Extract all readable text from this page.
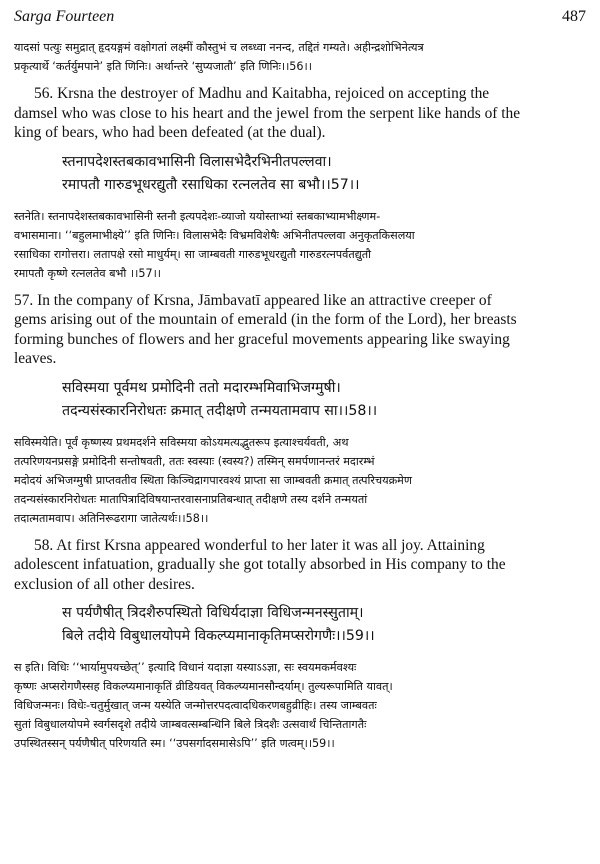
Sarga Fourteen	487

यादसां पत्युः समुद्रात् हृदयङ्गमं वक्षोगतां लक्ष्मीं कौस्तुभं च लब्ध्वा ननन्द, तद्दितं गम्यते। अहीन्द्रशोभिनेत्यत्र

प्रकृत्यार्थे ‘कर्तर्युमपाने’ इति णिनिः। अर्थान्तरे ‘सुप्यजातौ’ इति णिनिः।।56।।

56. Krsna the destroyer of Madhu and Kaitabha, rejoiced on accepting the

damsel who was close to his heart and the jewel from the serpent like hands of the

king of bears, who had been defeated (at the dual).

स्तनापदेशस्तबकावभासिनी विलासभेदैरभिनीतपल्लवा।

रमापतौ गारुडभूधरद्युतौ रसाधिका रत्नलतेव सा बभौ।।57।।

स्तनेति। स्तनापदेशस्तबकावभासिनी स्तनौ इत्यपदेशः-व्याजो ययोस्ताभ्यां स्तबकाभ्यामभीक्ष्णम-

वभासमाना। ‘‘बहुलमाभीक्ष्ये’’ इति णिनिः। विलासभेदैः विभ्रमविशेषैः अभिनीतपल्लवा अनुकृतकिसलया

रसाधिका रागोत्तरा। लतापक्षे रसो माधुर्यम्। सा जाम्बवती गारुडभूधरद्युतौ गारुडरत्नपर्वतद्युतौ

रमापतौ कृष्णे रत्नलतेव बभौ ।।57।।

57. In the company of Krsna, Jāmbavatī appeared like an attractive creeper of

gems arising out of the mountain of emerald (in the form of the Lord), her breasts

forming bunches of flowers and her graceful movements appearing like swaying

leaves.

सविस्मया पूर्वमथ प्रमोदिनी ततो मदारम्भमिवाभिजग्मुषी।

तदन्यसंस्कारनिरोधतः क्रमात् तदीक्षणे तन्मयतामवाप सा।।58।।

सविस्मयेति। पूर्वं कृष्णस्य प्रथमदर्शने सविस्मया कोऽयमत्यद्भुतरूप इत्याश्चर्यवती, अथ

तत्परिणयनप्रसङ्गे प्रमोदिनी सन्तोषवती, ततः स्वस्याः (स्वस्य?) तस्मिन् समर्पणानन्तरं मदारम्भं

मदोदयं अभिजग्मुषी प्राप्तवतीव स्थिता किञ्चिद्रागपारवश्यं प्राप्ता सा जाम्बवती क्रमात् तत्परिचयक्रमेण

तदन्यसंस्कारनिरोधतः मातापित्रादिविषयान्तरवासनाप्रतिबन्धात् तदीक्षणे तस्य दर्शने तन्मयतां

तदात्मतामवाप। अतिनिरूढरागा जातेत्यर्थः।।58।।

58. At first Krsna appeared wonderful to her later it was all joy. Attaining

adolescent infatuation, gradually she got totally absorbed in His company to the

exclusion of all other desires.

स पर्यणैषीत् त्रिदशैरुपस्थितो विधिर्यदाज्ञा विधिजन्मनस्सुताम्।

बिले तदीये विबुधालयोपमे विकल्प्यमानाकृतिमप्सरोगणैः।।59।।

स इति। विधिः ‘‘भार्यामुपयच्छेत्’’ इत्यादि विधानं यदाज्ञा यस्याऽऽज्ञा, सः स्वयमकर्मवश्यः

कृष्णः अप्सरोगणैस्सह विकल्प्यमानाकृतिं व्रीडियवत् विकल्प्यमानसौन्दर्याम्। तुल्यरूपामिति यावत्।

विधिजन्मनः। विधेः-चतुर्मुखात् जन्म यस्येति जन्मोत्तरपदत्वादधिकरणबहुव्रीहिः। तस्य जाम्बवतः

सुतां विबुधालयोपमे स्वर्गसदृशे तदीये जाम्बवत्सम्बन्धिनि बिले त्रिदशैः उत्सवार्थं चिन्तितागतैः

उपस्थितस्सन् पर्यणैषीत् परिणयति स्म। ‘‘उपसर्गादसमासेऽपि’’ इति णत्वम्।।59।।
